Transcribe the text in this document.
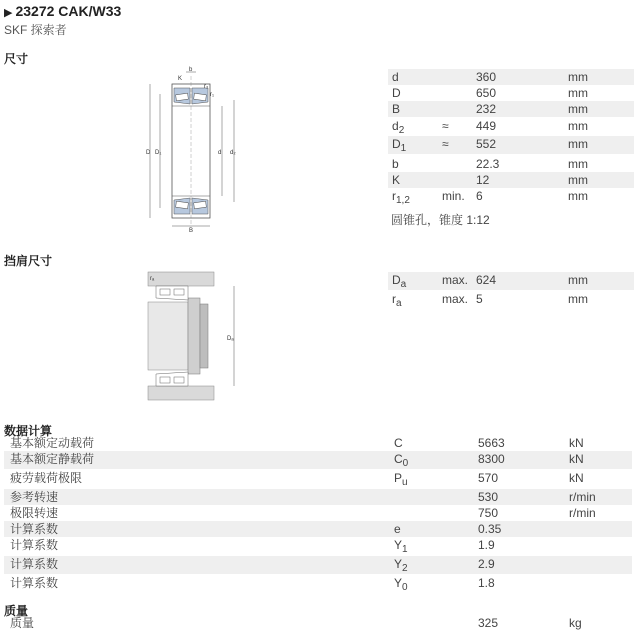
▶ 23272 CAK/W33
SKF 探索者
尺寸
D D₁	d d₂
B
b
K
r₂
r₁
d	360	mm
D	650	mm
B	232	mm
$d_2$	≈ 449	mm
$D_1$	≈ 552	mm
b	22.3	mm
K	12	mm
$r_{1,2}$	min. 6	mm
圆锥孔，锥度 1:12
挡肩尺寸
rₐ
Dₐ
$D_a$	max. 624	mm
$r_a$	max. 5	mm
数据计算
基本额定动载荷	C	5663	kN
基本额定静载荷	$C_0$	8300	kN
疲劳载荷极限	$P_u$	570	kN
参考转速	530	r/min
极限转速	750	r/min
计算系数	e	0.35
计算系数	$Y_1$	1.9
计算系数	$Y_2$	2.9
计算系数	$Y_0$	1.8
质量
质量	325	kg
